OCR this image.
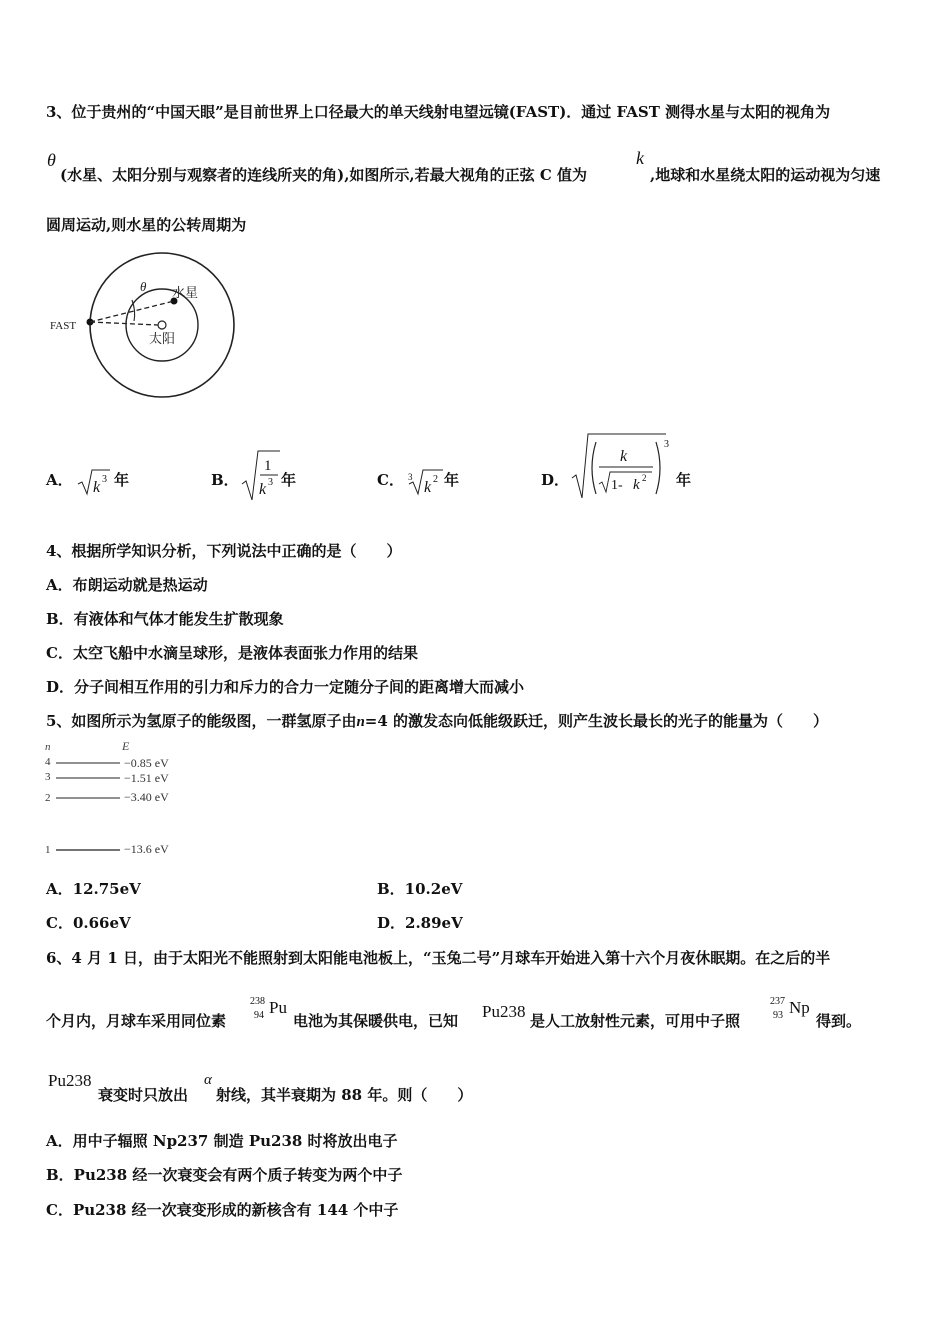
3、位于贵州的“中国天眼”是目前世界上口径最大的单天线射电望远镜(FAST)．通过 FAST 测得水星与太阳的视角为
θ
(水星、太阳分别与观察者的连线所夹的角),如图所示,若最大视角的正弦 C 值为
k
,地球和水星绕太阳的运动视为匀速
圆周运动,则水星的公转周期为
FAST
θ 水星
太阳
A． k 3 年	B．
1
k 3 年	C． 3
k 2 年	D．
3
k
1- k 2 年
4、根据所学知识分析，下列说法中正确的是（　　）
A．布朗运动就是热运动
B．有液体和气体才能发生扩散现象
C．太空飞船中水滴呈球形，是液体表面张力作用的结果
D．分子间相互作用的引力和斥力的合力一定随分子间的距离增大而减小
5、如图所示为氢原子的能级图，一群氢原子由n=4 的激发态向低能级跃迁，则产生波长最长的光子的能量为（　　）
n	E
4	−0.85 eV
3	−1.51 eV
2	−3.40 eV
1	−13.6 eV
A．12.75eV	B．10.2eV
C．0.66eV	D．2.89eV
6、4 月 1 日，由于太阳光不能照射到太阳能电池板上，“玉兔二号”月球车开始进入第十六个月夜休眠期。在之后的半
个月内，月球车采用同位素
238
94 Pu
电池为其保暖供电，已知 Pu238 是人工放射性元素，可用中子照
237
93 Np
得到。
Pu238
衰变时只放出
α
射线，其半衰期为 88 年。则（　　）
A．用中子辐照 Np237 制造 Pu238 时将放出电子
B．Pu238 经一次衰变会有两个质子转变为两个中子
C．Pu238 经一次衰变形成的新核含有 144 个中子
